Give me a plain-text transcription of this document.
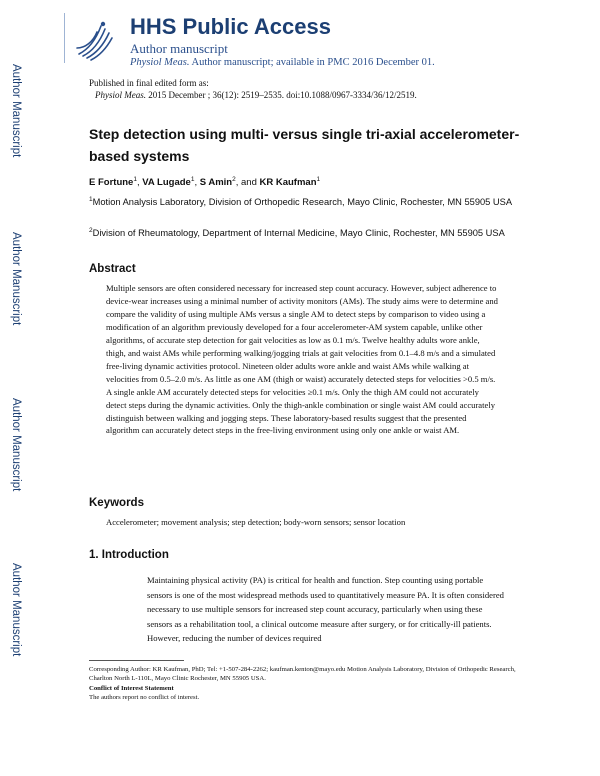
Author Manuscript
Author Manuscript
Author Manuscript
Author Manuscript
HHS Public Access
Author manuscript
Physiol Meas. Author manuscript; available in PMC 2016 December 01.
Published in final edited form as:
Physiol Meas. 2015 December ; 36(12): 2519–2535. doi:10.1088/0967-3334/36/12/2519.
Step detection using multi- versus single tri-axial accelerometer-based systems
E Fortune$^1$, VA Lugade$^1$, S Amin$^2$, and KR Kaufman$^1$
$^1$Motion Analysis Laboratory, Division of Orthopedic Research, Mayo Clinic, Rochester, MN 55905 USA
$^2$Division of Rheumatology, Department of Internal Medicine, Mayo Clinic, Rochester, MN 55905 USA
Abstract

Multiple sensors are often considered necessary for increased step count accuracy. However, subject adherence to device-wear increases using a minimal number of activity monitors (AMs). The study aims were to determine and compare the validity of using multiple AMs versus a single AM to detect steps by comparison to video using a modification of an algorithm previously developed for a four accelerometer-AM system capable, unlike other algorithms, of accurate step detection for gait velocities as low as 0.1 m/s. Twelve healthy adults wore ankle, thigh, and waist AMs while performing walking/jogging trials at gait velocities from 0.1–4.8 m/s and a simulated free-living dynamic activities protocol. Nineteen older adults wore ankle and waist AMs while walking at velocities from 0.5–2.0 m/s. As little as one AM (thigh or waist) accurately detected steps for velocities >0.5 m/s. A single ankle AM accurately detected steps for velocities ≥0.1 m/s. Only the thigh AM could not accurately detect steps during the dynamic activities. Only the thigh-ankle combination or single waist AM could accurately distinguish between walking and jogging steps. These laboratory-based results suggest that the presented algorithm can accurately detect steps in the free-living environment using only one ankle or waist AM.

Keywords
Accelerometer; movement analysis; step detection; body-worn sensors; sensor location
1. Introduction

Maintaining physical activity (PA) is critical for health and function. Step counting using portable sensors is one of the most widespread methods used to quantitatively measure PA. It is often considered necessary to use multiple sensors for increased step count accuracy, particularly when using these sensors as a rehabilitation tool, a clinical outcome measure after surgery, or for critically-ill patients. However, reducing the number of devices required

Corresponding Author: KR Kaufman, PhD; Tel: +1-507-284-2262; kaufman.kenton@mayo.edu Motion Analysis Laboratory, Division of Orthopedic Research, Charlton North L-110L, Mayo Clinic Rochester, MN 55905 USA.

Conflict of Interest Statement
The authors report no conflict of interest.
